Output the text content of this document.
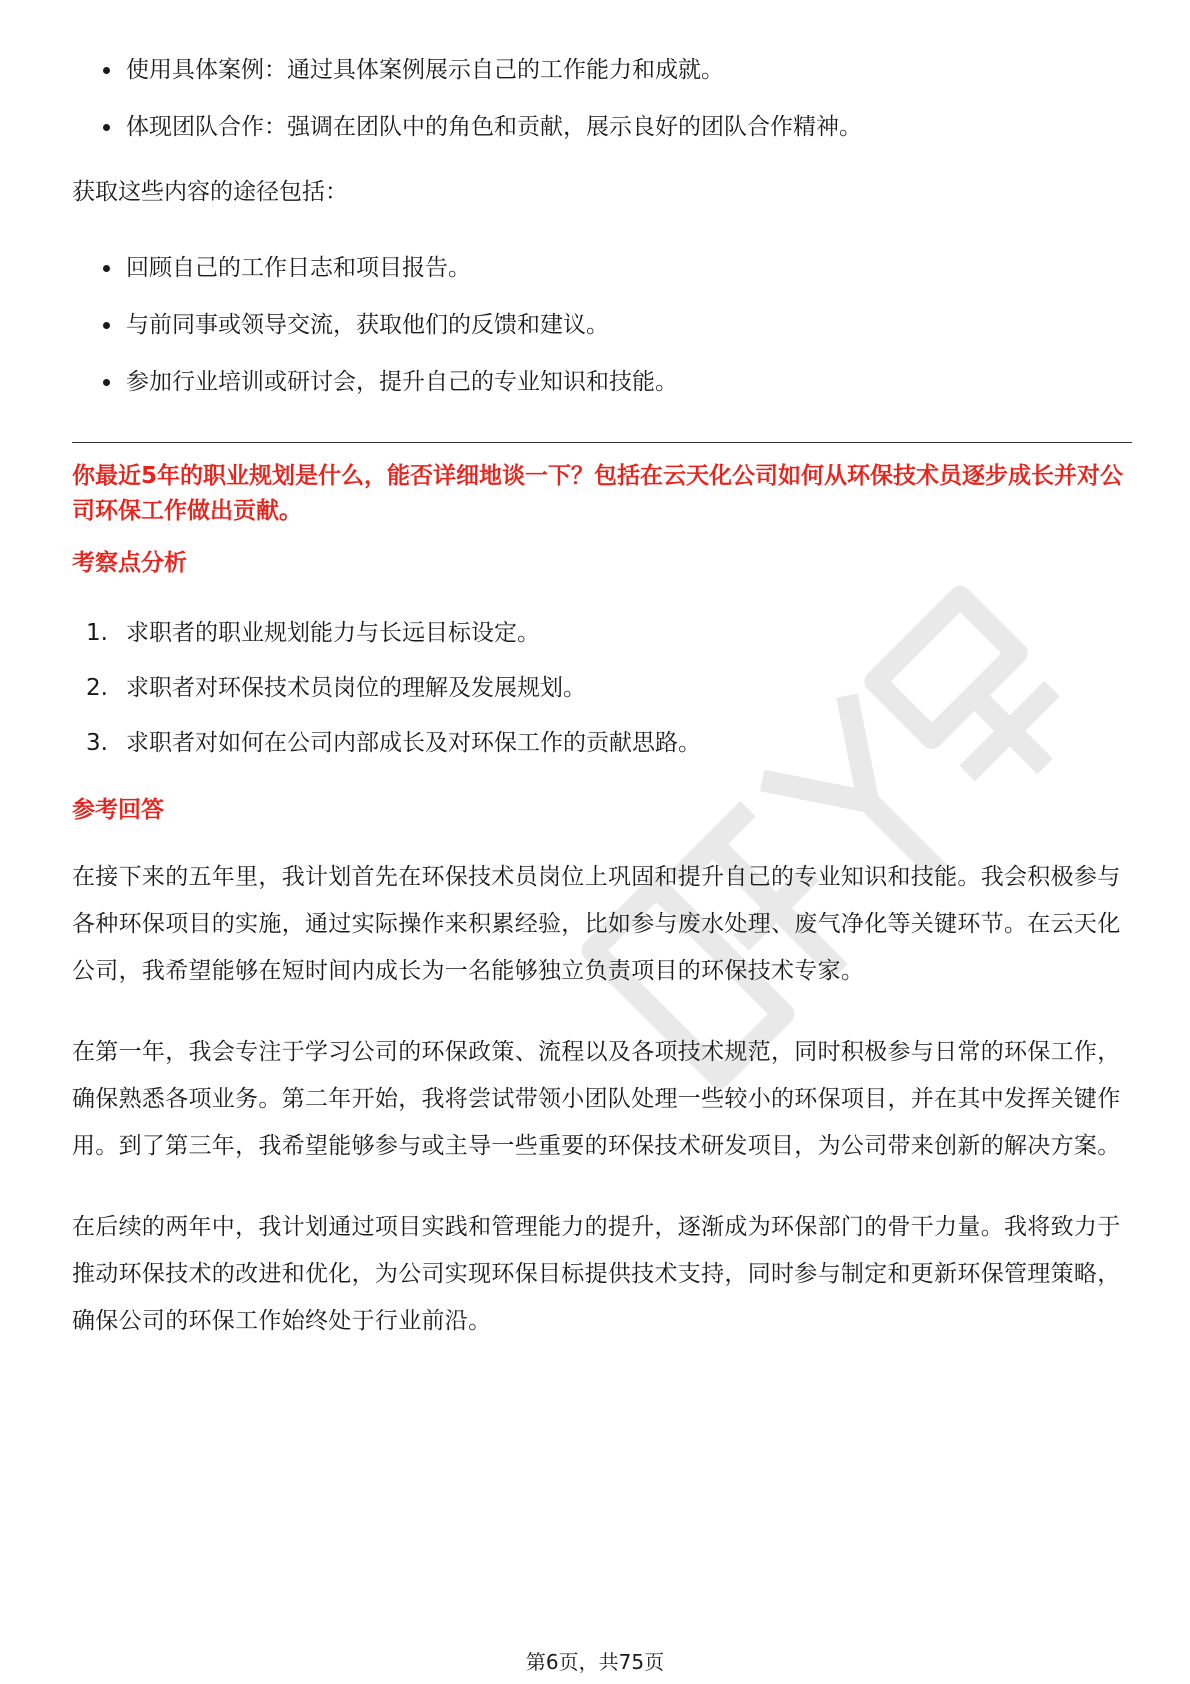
使用具体案例：通过具体案例展示自己的工作能力和成就。
体现团队合作：强调在团队中的角色和贡献，展示良好的团队合作精神。

获取这些内容的途径包括：

回顾自己的工作日志和项目报告。
与前同事或领导交流，获取他们的反馈和建议。
参加行业培训或研讨会，提升自己的专业知识和技能。

你最近5年的职业规划是什么，能否详细地谈一下？包括在云天化公司如何从环保技术员逐步成长并对公司环保工作做出贡献。

考察点分析

1. 求职者的职业规划能力与长远目标设定。
2. 求职者对环保技术员岗位的理解及发展规划。
3. 求职者对如何在公司内部成长及对环保工作的贡献思路。

参考回答

在接下来的五年里，我计划首先在环保技术员岗位上巩固和提升自己的专业知识和技能。我会积极参与各种环保项目的实施，通过实际操作来积累经验，比如参与废水处理、废气净化等关键环节。在云天化公司，我希望能够在短时间内成长为一名能够独立负责项目的环保技术专家。

在第一年，我会专注于学习公司的环保政策、流程以及各项技术规范，同时积极参与日常的环保工作，确保熟悉各项业务。第二年开始，我将尝试带领小团队处理一些较小的环保项目，并在其中发挥关键作用。到了第三年，我希望能够参与或主导一些重要的环保技术研发项目，为公司带来创新的解决方案。

在后续的两年中，我计划通过项目实践和管理能力的提升，逐渐成为环保部门的骨干力量。我将致力于推动环保技术的改进和优化，为公司实现环保目标提供技术支持，同时参与制定和更新环保管理策略，确保公司的环保工作始终处于行业前沿。

第6页，共75页
